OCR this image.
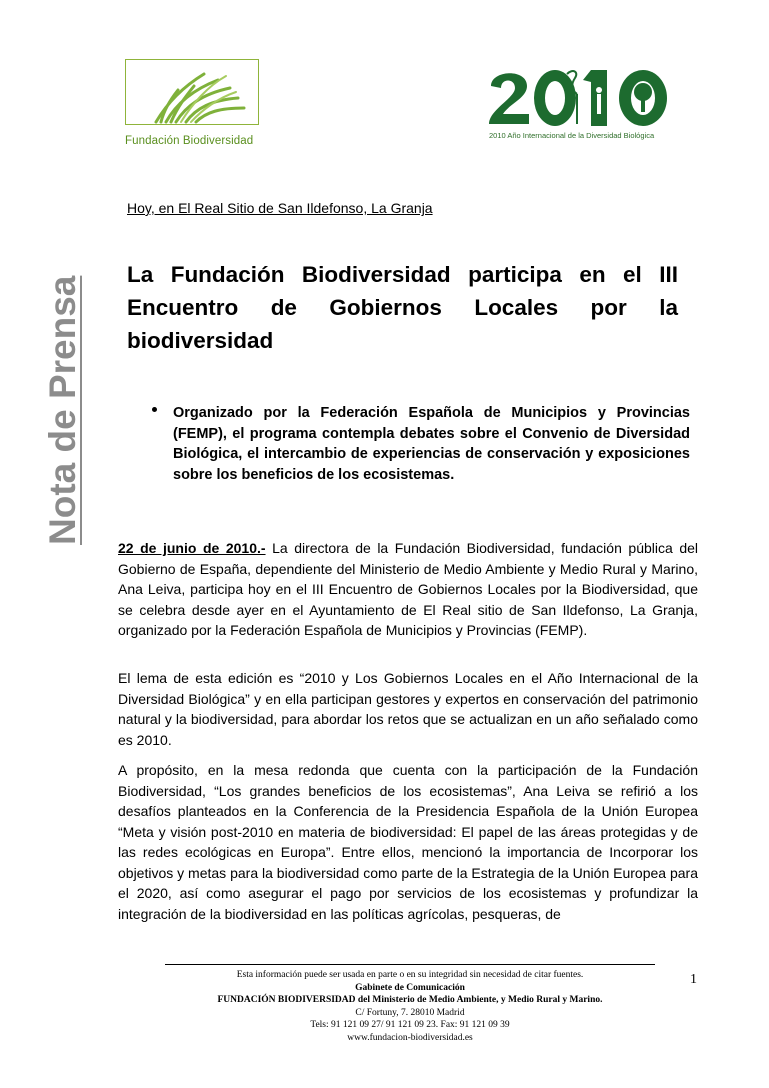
Fundación Biodiversidad	2010 Año Internacional de la Diversidad Biológica
Nota de Prensa
Hoy, en El Real Sitio de San Ildefonso, La Granja
La Fundación Biodiversidad participa en el III Encuentro de Gobiernos Locales por la biodiversidad
Organizado por la Federación Española de Municipios y Provincias (FEMP), el programa contempla debates sobre el Convenio de Diversidad Biológica, el intercambio de experiencias de conservación y exposiciones sobre los beneficios de los ecosistemas.

22 de junio de 2010.- La directora de la Fundación Biodiversidad, fundación pública del Gobierno de España, dependiente del Ministerio de Medio Ambiente y Medio Rural y Marino, Ana Leiva, participa hoy en el III Encuentro de Gobiernos Locales por la Biodiversidad, que se celebra desde ayer en el Ayuntamiento de El Real sitio de San Ildefonso, La Granja, organizado por la Federación Española de Municipios y Provincias (FEMP).

El lema de esta edición es “2010 y Los Gobiernos Locales en el Año Internacional de la Diversidad Biológica” y en ella participan gestores y expertos en conservación del patrimonio natural y la biodiversidad, para abordar los retos que se actualizan en un año señalado como es 2010.

A propósito, en la mesa redonda que cuenta con la participación de la Fundación Biodiversidad, “Los grandes beneficios de los ecosistemas”, Ana Leiva se refirió a los desafíos planteados en la Conferencia de la Presidencia Española de la Unión Europea “Meta y visión post-2010 en materia de biodiversidad: El papel de las áreas protegidas y de las redes ecológicas en Europa”. Entre ellos, mencionó la importancia de Incorporar los objetivos y metas para la biodiversidad como parte de la Estrategia de la Unión Europea para el 2020, así como asegurar el pago por servicios de los ecosistemas y profundizar la integración de la biodiversidad en las políticas agrícolas, pesqueras, de

Esta información puede ser usada en parte o en su integridad sin necesidad de citar fuentes.
Gabinete de Comunicación
FUNDACIÓN BIODIVERSIDAD del Ministerio de Medio Ambiente, y Medio Rural y Marino.
C/ Fortuny, 7. 28010 Madrid
Tels: 91 121 09 27/ 91 121 09 23. Fax: 91 121 09 39
www.fundacion-biodiversidad.es
1
